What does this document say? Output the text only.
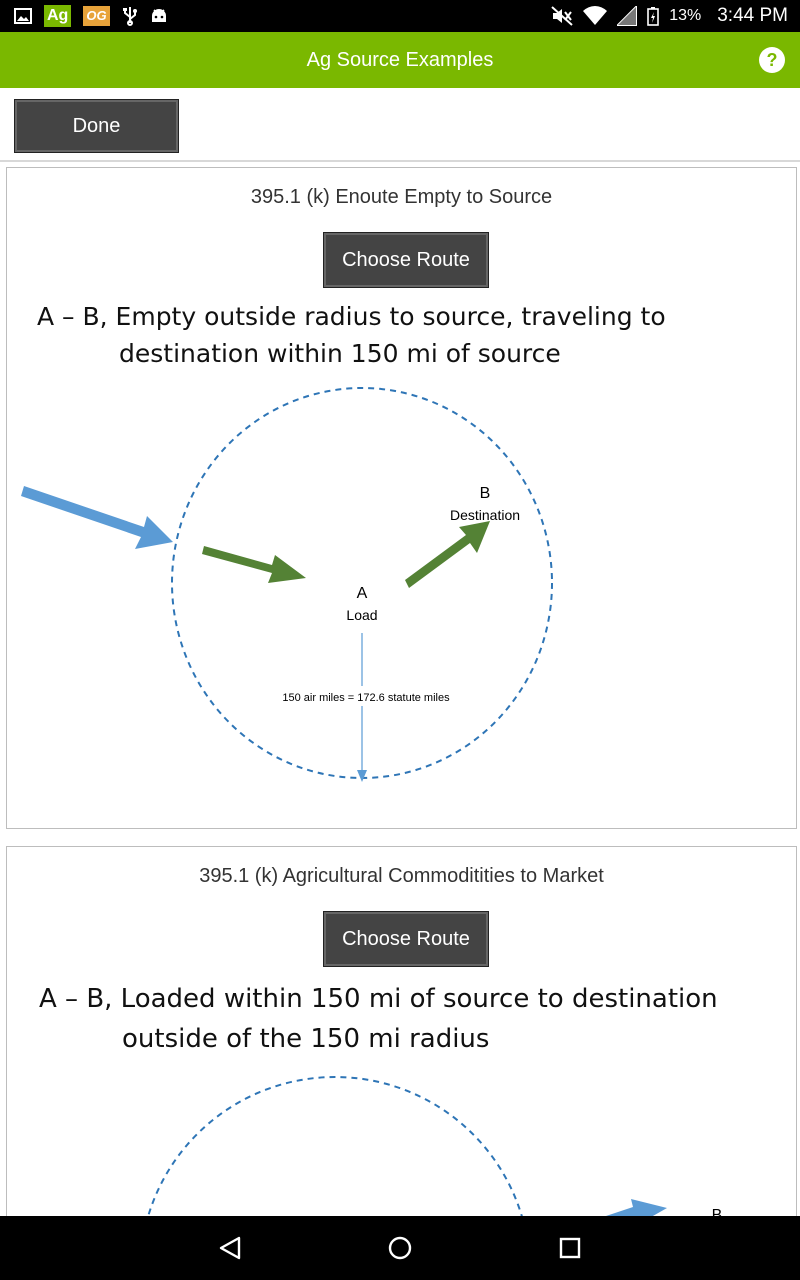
Ag OG	13% 3:44 PM
Ag Source Examples	?
Done
395.1 (k) Enoute Empty to Source
Choose Route
A – B, Empty outside radius to source, traveling to
destination within 150 mi of source
B
Destination
A
Load
150 air miles = 172.6 statute miles
395.1 (k) Agricultural Commoditities to Market
Choose Route
A – B, Loaded within 150 mi of source to destination
outside of the 150 mi radius
